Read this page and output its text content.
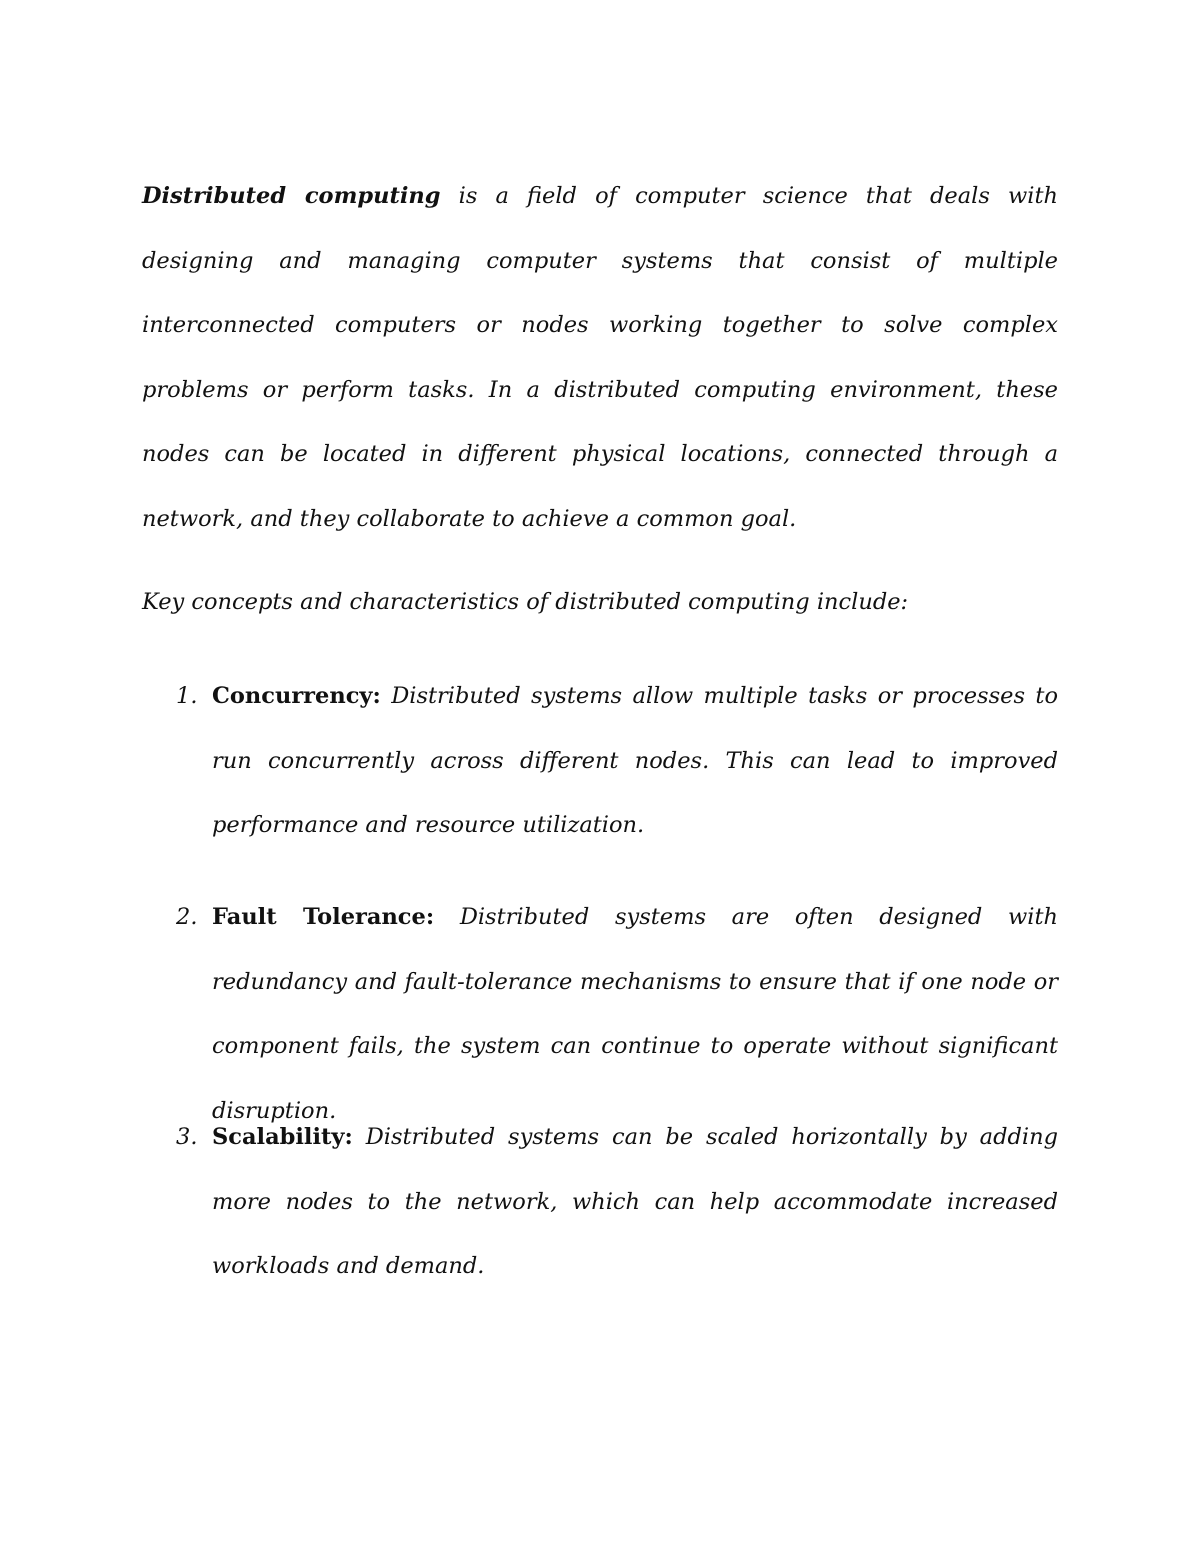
Distributed computing is a field of computer science that deals with designing and managing computer systems that consist of multiple interconnected computers or nodes working together to solve complex problems or perform tasks. In a distributed computing environment, these nodes can be located in different physical locations, connected through a network, and they collaborate to achieve a common goal.

Key concepts and characteristics of distributed computing include:

1. Concurrency: Distributed systems allow multiple tasks or processes to run concurrently across different nodes. This can lead to improved performance and resource utilization.

2. Fault Tolerance: Distributed systems are often designed with redundancy and fault-tolerance mechanisms to ensure that if one node or component fails, the system can continue to operate without significant disruption.

3. Scalability: Distributed systems can be scaled horizontally by adding more nodes to the network, which can help accommodate increased workloads and demand.
